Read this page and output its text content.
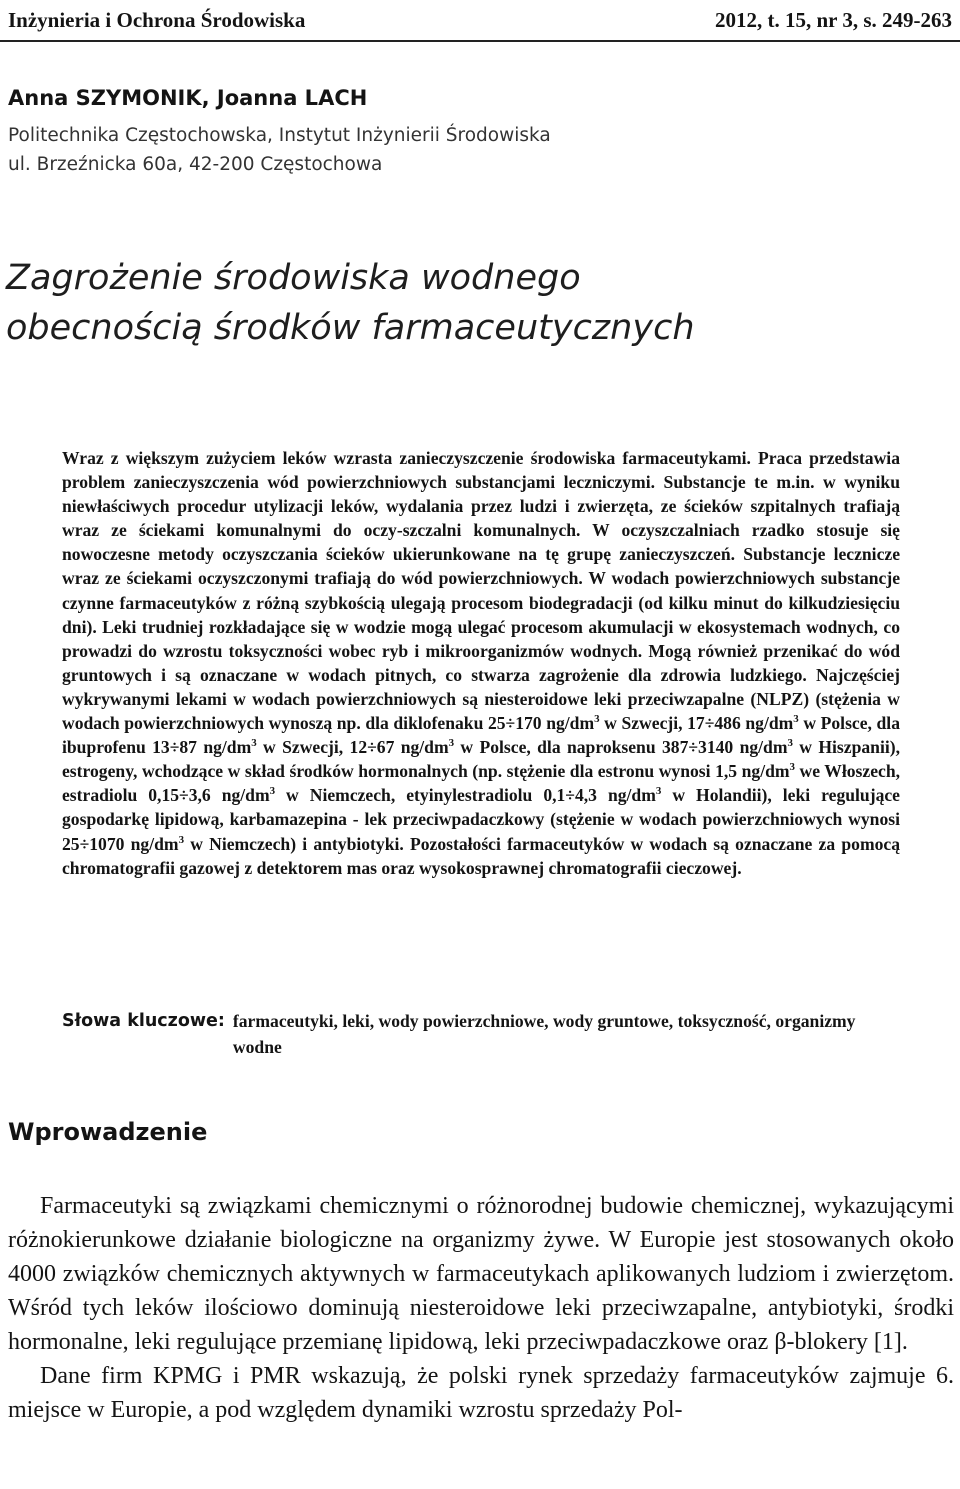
Inżynieria i Ochrona Środowiska	2012, t. 15, nr 3, s. 249-263
Anna SZYMONIK, Joanna LACH
Politechnika Częstochowska, Instytut Inżynierii Środowiska
ul. Brzeźnicka 60a, 42-200 Częstochowa
Zagrożenie środowiska wodnego
obecnością środków farmaceutycznych

Wraz z większym zużyciem leków wzrasta zanieczyszczenie środowiska farmaceutykami. Praca przedstawia problem zanieczyszczenia wód powierzchniowych substancjami leczniczymi. Substancje te m.in. w wyniku niewłaściwych procedur utylizacji leków, wydalania przez ludzi i zwierzęta, ze ścieków szpitalnych trafiają wraz ze ściekami komunalnymi do oczy-szczalni komunalnych. W oczyszczalniach rzadko stosuje się nowoczesne metody oczyszczania ścieków ukierunkowane na tę grupę zanieczyszczeń. Substancje lecznicze wraz ze ściekami oczyszczonymi trafiają do wód powierzchniowych. W wodach powierzchniowych substancje czynne farmaceutyków z różną szybkością ulegają procesom biodegradacji (od kilku minut do kilkudziesięciu dni). Leki trudniej rozkładające się w wodzie mogą ulegać procesom akumulacji w ekosystemach wodnych, co prowadzi do wzrostu toksyczności wobec ryb i mikroorganizmów wodnych. Mogą również przenikać do wód gruntowych i są oznaczane w wodach pitnych, co stwarza zagrożenie dla zdrowia ludzkiego. Najczęściej wykrywanymi lekami w wodach powierzchniowych są niesteroidowe leki przeciwzapalne (NLPZ) (stężenia w wodach powierzchniowych wynoszą np. dla diklofenaku 25÷170 $ng/dm^3$ w Szwecji, 17÷486 $ng/dm^3$ w Polsce, dla ibuprofenu 13÷87 $ng/dm^3$ w Szwecji, 12÷67 $ng/dm^3$ w Polsce, dla naproksenu 387÷3140 $ng/dm^3$ w Hiszpanii), estrogeny, wchodzące w skład środków hormonalnych (np. stężenie dla estronu wynosi 1,5 $ng/dm^3$ we Włoszech, estradiolu 0,15÷3,6 $ng/dm^3$ w Niemczech, etyinylestradiolu 0,1÷4,3 $ng/dm^3$ w Holandii), leki regulujące gospodarkę lipidową, karbamazepina - lek przeciwpadaczkowy (stężenie w wodach powierzchniowych wynosi 25÷1070 $ng/dm^3$ w Niemczech) i antybiotyki. Pozostałości farmaceutyków w wodach są oznaczane za pomocą chromatografii gazowej z detektorem mas oraz wysokosprawnej chromatografii cieczowej.

Słowa kluczowe: farmaceutyki, leki, wody powierzchniowe, wody gruntowe, toksyczność, organizmy wodne
Wprowadzenie

Farmaceutyki są związkami chemicznymi o różnorodnej budowie chemicznej, wykazującymi różnokierunkowe działanie biologiczne na organizmy żywe. W Europie jest stosowanych około 4000 związków chemicznych aktywnych w farmaceutykach aplikowanych ludziom i zwierzętom. Wśród tych leków ilościowo dominują niesteroidowe leki przeciwzapalne, antybiotyki, środki hormonalne, leki regulujące przemianę lipidową, leki przeciwpadaczkowe oraz β-blokery [1].
Dane firm KPMG i PMR wskazują, że polski rynek sprzedaży farmaceutyków zajmuje 6. miejsce w Europie, a pod względem dynamiki wzrostu sprzedaży Pol-
